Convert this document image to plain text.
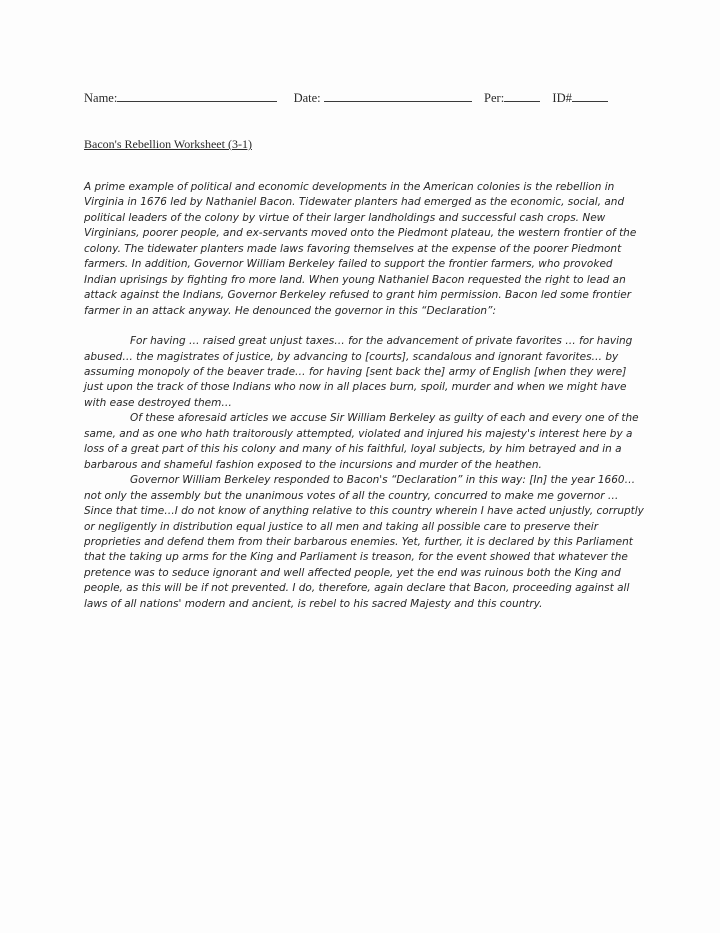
Name:	Date:	Per:	ID#
Bacon's Rebellion Worksheet (3-1)

A prime example of political and economic developments in the American colonies is the rebellion in Virginia in 1676 led by Nathaniel Bacon. Tidewater planters had emerged as the economic, social, and political leaders of the colony by virtue of their larger landholdings and successful cash crops. New Virginians, poorer people, and ex-servants moved onto the Piedmont plateau, the western frontier of the colony. The tidewater planters made laws favoring themselves at the expense of the poorer Piedmont farmers. In addition, Governor William Berkeley failed to support the frontier farmers, who provoked Indian uprisings by fighting fro more land. When young Nathaniel Bacon requested the right to lead an attack against the Indians, Governor Berkeley refused to grant him permission. Bacon led some frontier farmer in an attack anyway. He denounced the governor in this “Declaration”:

For having … raised great unjust taxes… for the advancement of private favorites … for having abused… the magistrates of justice, by advancing to [courts], scandalous and ignorant favorites… by assuming monopoly of the beaver trade… for having [sent back the] army of English [when they were] just upon the track of those Indians who now in all places burn, spoil, murder and when we might have with ease destroyed them…

Of these aforesaid articles we accuse Sir William Berkeley as guilty of each and every one of the same, and as one who hath traitorously attempted, violated and injured his majesty's interest here by a loss of a great part of this his colony and many of his faithful, loyal subjects, by him betrayed and in a barbarous and shameful fashion exposed to the incursions and murder of the heathen.

Governor William Berkeley responded to Bacon's “Declaration” in this way: [In] the year 1660…not only the assembly but the unanimous votes of all the country, concurred to make me governor …Since that time…I do not know of anything relative to this country wherein I have acted unjustly, corruptly or negligently in distribution equal justice to all men and taking all possible care to preserve their proprieties and defend them from their barbarous enemies. Yet, further, it is declared by this Parliament that the taking up arms for the King and Parliament is treason, for the event showed that whatever the pretence was to seduce ignorant and well affected people, yet the end was ruinous both the King and people, as this will be if not prevented. I do, therefore, again declare that Bacon, proceeding against all laws of all nations' modern and ancient, is rebel to his sacred Majesty and this country.
